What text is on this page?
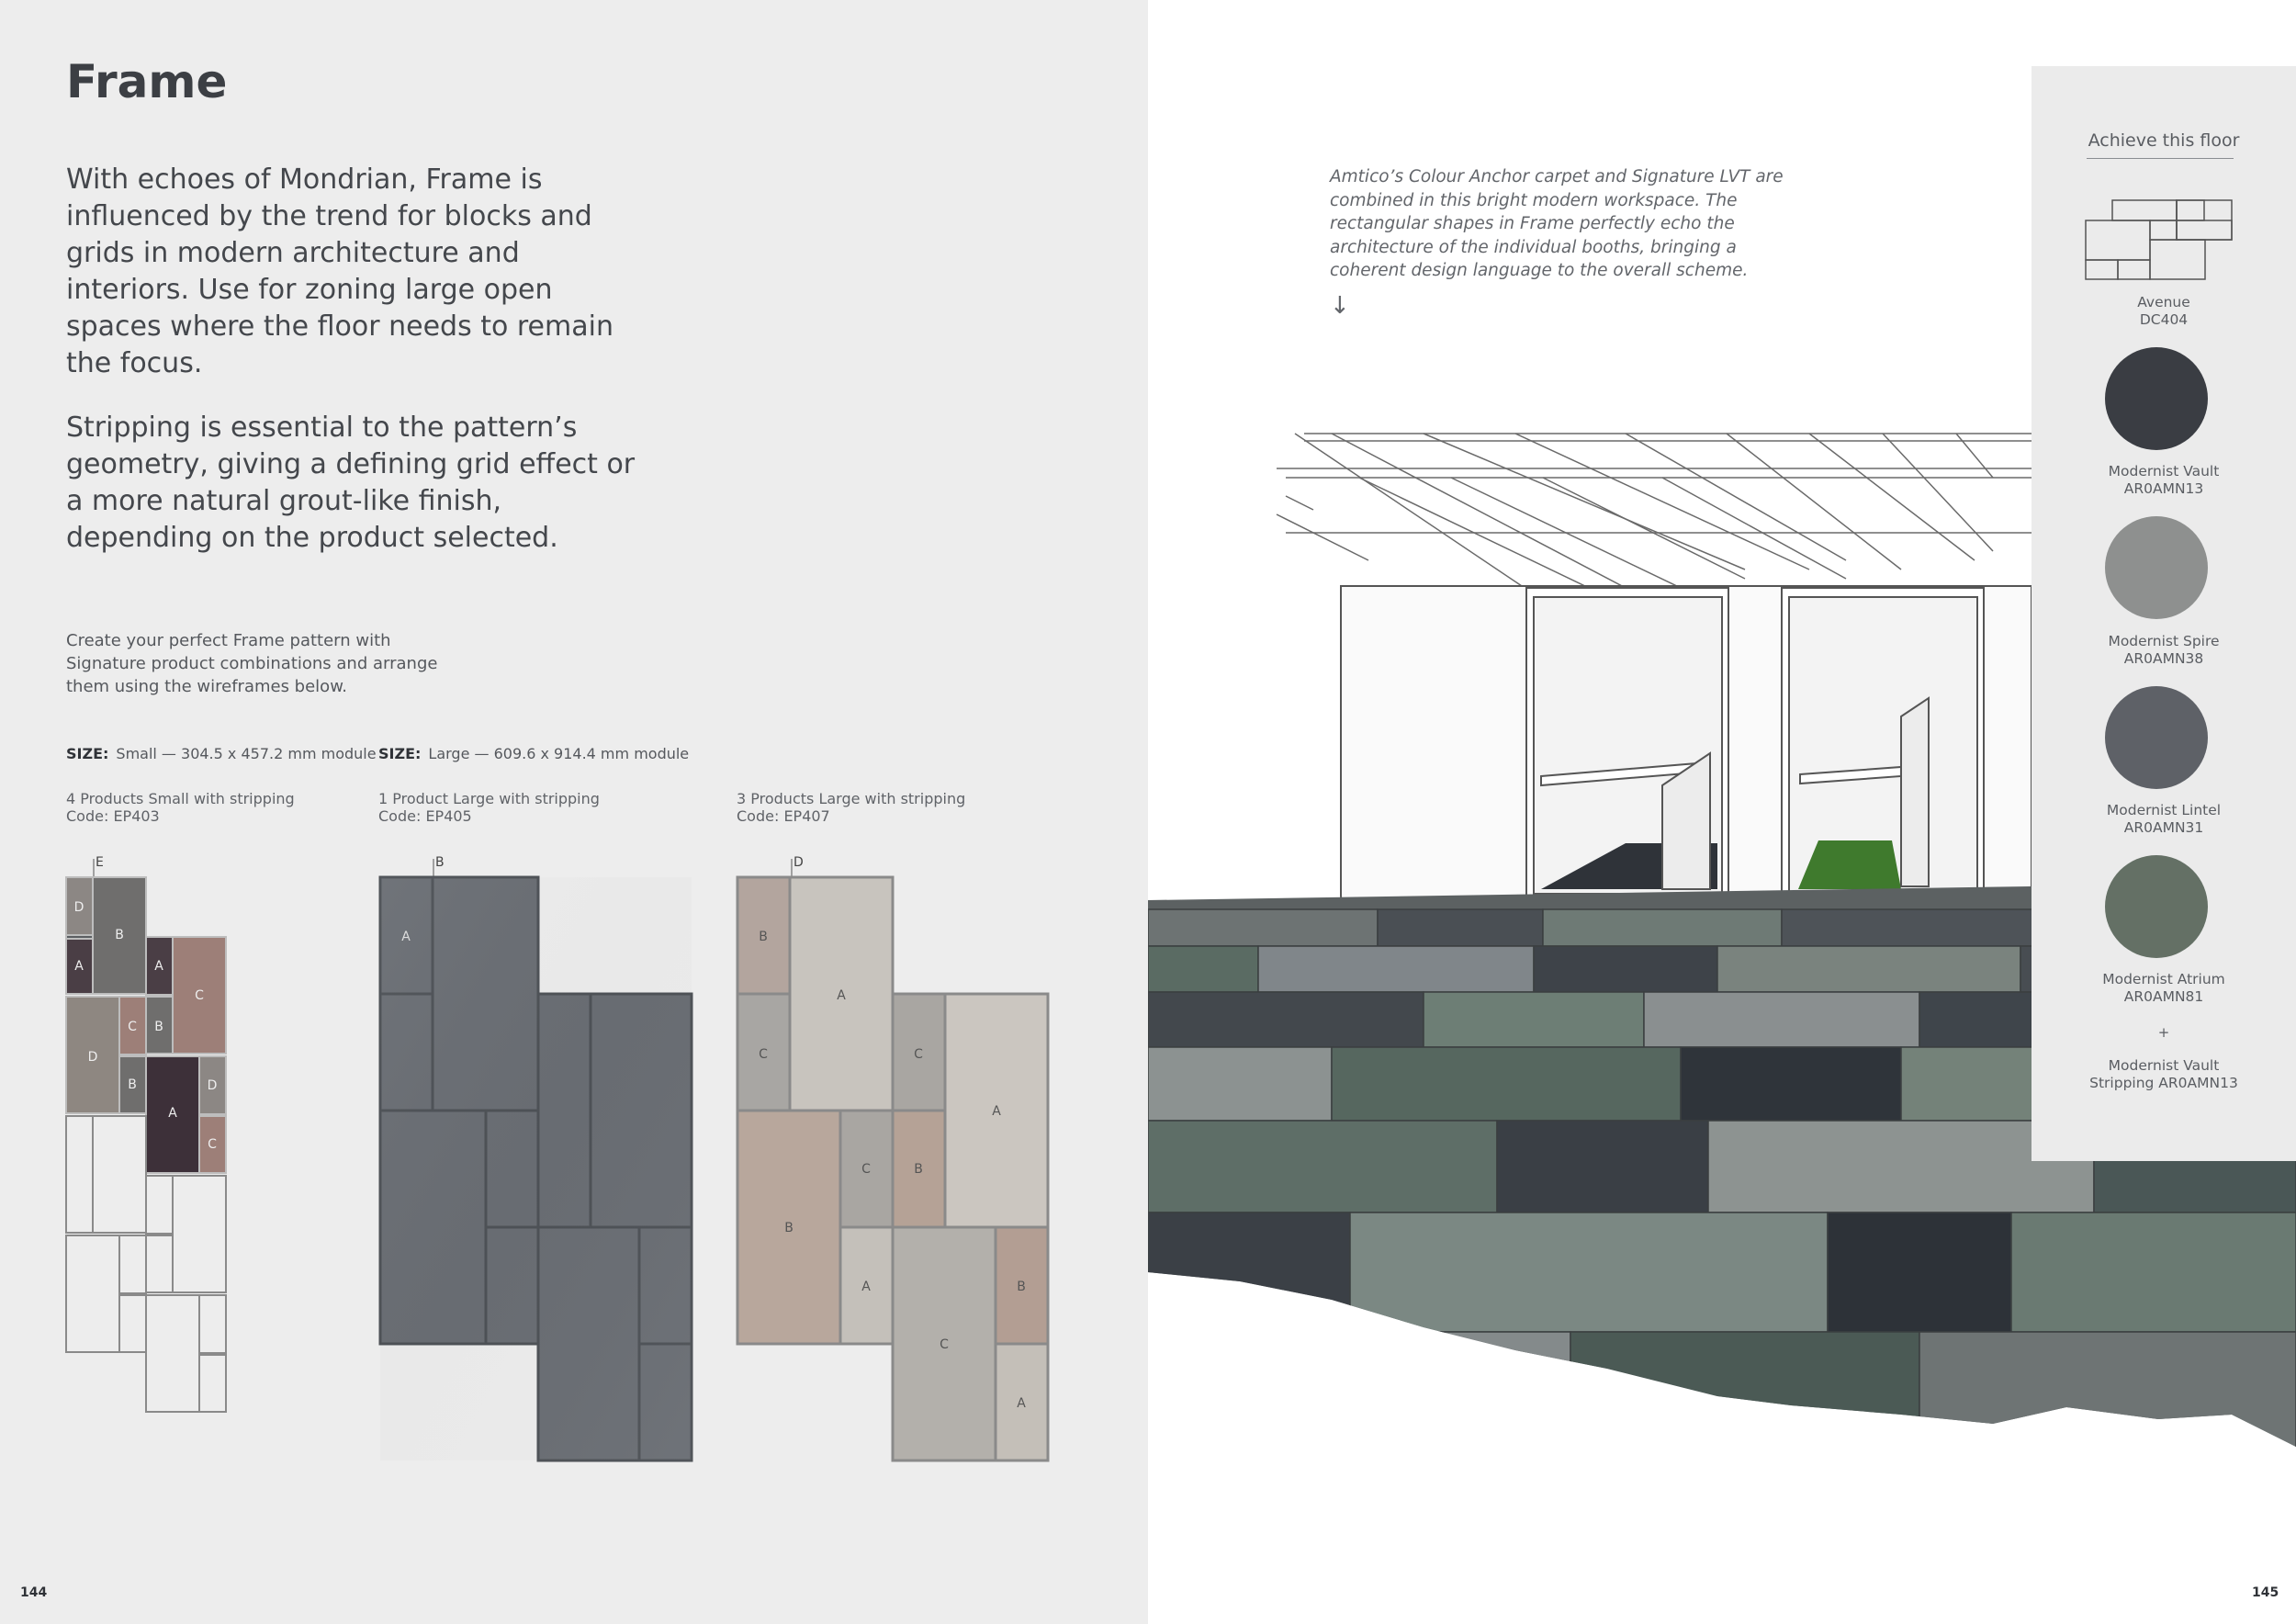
Frame

With echoes of Mondrian, Frame is influenced by the trend for blocks and grids in modern architecture and interiors. Use for zoning large open spaces where the floor needs to remain the focus.

Stripping is essential to the pattern’s geometry, giving a defining grid effect or a more natural grout-like finish, depending on the product selected.

Create your perfect Frame pattern with Signature product combinations and arrange them using the wireframes below.

SIZE: Small — 304.5 x 457.2 mm module SIZE: Large — 609.6 x 914.4 mm module
4 Products Small with stripping
Code: EP403
1 Product Large with stripping
Code: EP405
3 Products Large with stripping
Code: EP407
E
D
B
A	A
C
C B
D
B
A
D
C
B
A
D
B
A
C	C
A
C	B
B
A
C
B
A
144

Amtico’s Colour Anchor carpet and Signature LVT are combined in this bright modern workspace. The rectangular shapes in Frame perfectly echo the architecture of the individual booths, bringing a coherent design language to the overall scheme.

↓
Achieve this floor
Avenue
DC404
Modernist Vault
AR0AMN13
Modernist Spire
AR0AMN38
Modernist Lintel
AR0AMN31
Modernist Atrium
AR0AMN81
+
Modernist Vault
Stripping AR0AMN13
145
